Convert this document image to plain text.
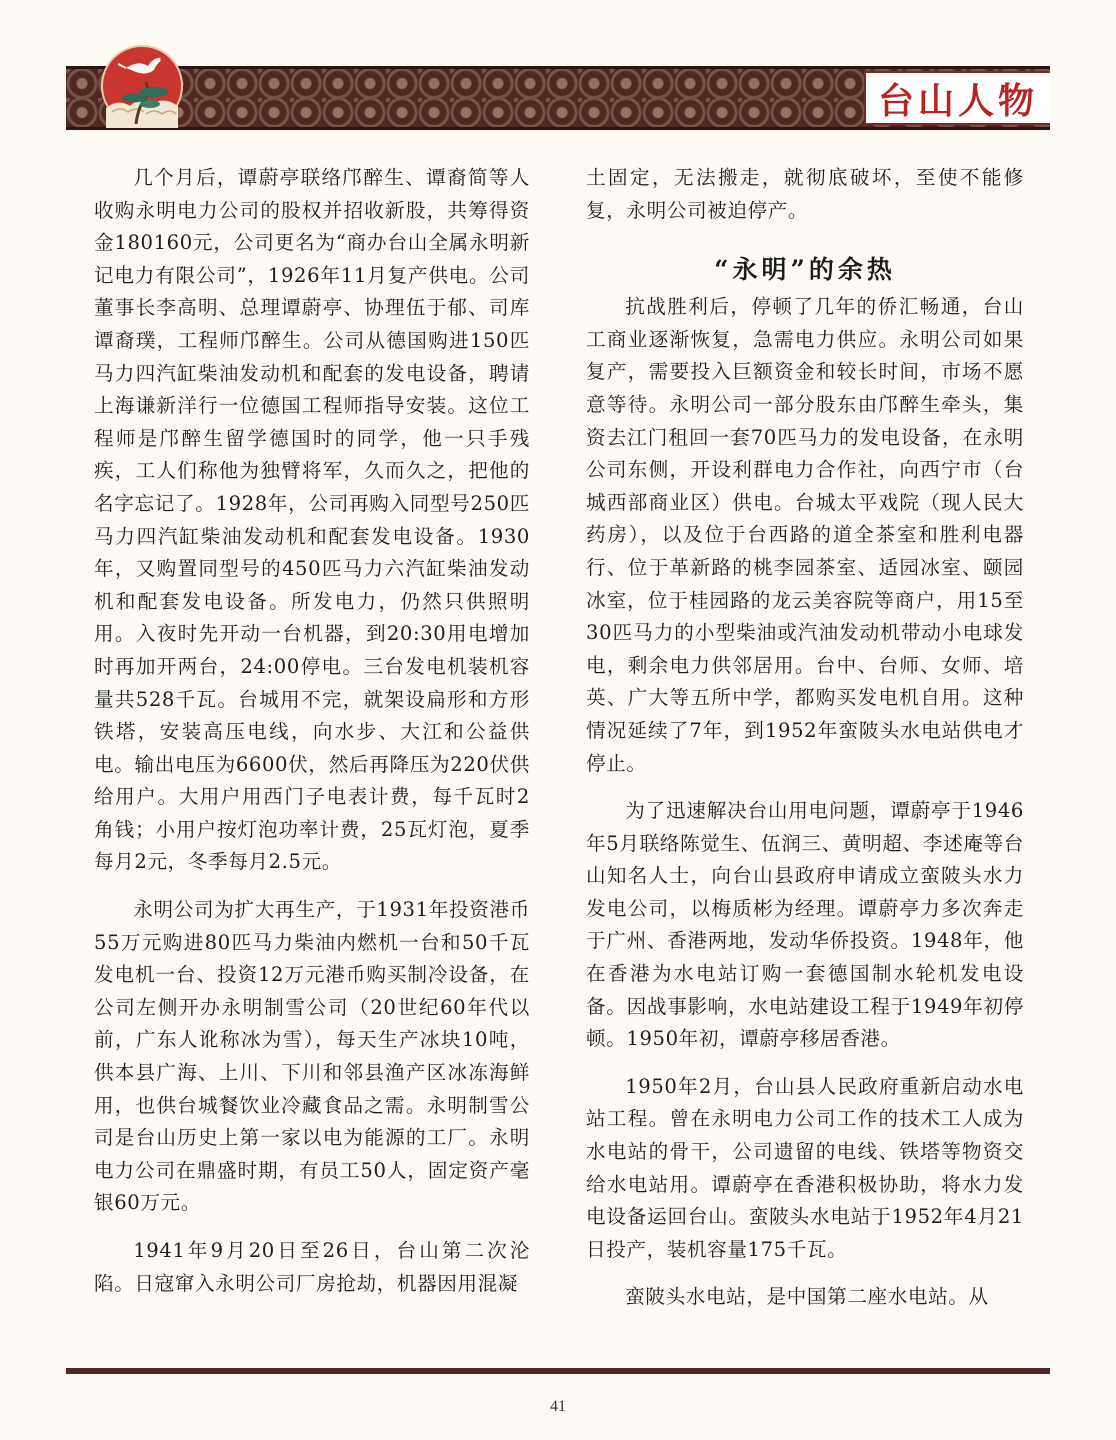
台山人物

几个月后，谭蔚亭联络邝醉生、谭裔简等人收购永明电力公司的股权并招收新股，共筹得资金180160元，公司更名为“商办台山全属永明新记电力有限公司”，1926年11月复产供电。公司董事长李高明、总理谭蔚亭、协理伍于郁、司库谭裔璞，工程师邝醉生。公司从德国购进150匹马力四汽缸柴油发动机和配套的发电设备，聘请上海谦新洋行一位德国工程师指导安装。这位工程师是邝醉生留学德国时的同学，他一只手残疾，工人们称他为独臂将军，久而久之，把他的名字忘记了。1928年，公司再购入同型号250匹马力四汽缸柴油发动机和配套发电设备。1930年，又购置同型号的450匹马力六汽缸柴油发动机和配套发电设备。所发电力，仍然只供照明用。入夜时先开动一台机器，到20:30用电增加时再加开两台，24:00停电。三台发电机装机容量共528千瓦。台城用不完，就架设扁形和方形铁塔，安装高压电线，向水步、大江和公益供电。输出电压为6600伏，然后再降压为220伏供给用户。大用户用西门子电表计费，每千瓦时2角钱；小用户按灯泡功率计费，25瓦灯泡，夏季每月2元，冬季每月2.5元。

永明公司为扩大再生产，于1931年投资港币55万元购进80匹马力柴油内燃机一台和50千瓦发电机一台、投资12万元港币购买制冷设备，在公司左侧开办永明制雪公司（20世纪60年代以前，广东人讹称冰为雪），每天生产冰块10吨，供本县广海、上川、下川和邻县渔产区冰冻海鲜用，也供台城餐饮业冷藏食品之需。永明制雪公司是台山历史上第一家以电为能源的工厂。永明电力公司在鼎盛时期，有员工50人，固定资产毫银60万元。

1941年9月20日至26日，台山第二次沦陷。日寇窜入永明公司厂房抢劫，机器因用混凝

土固定，无法搬走，就彻底破坏，至使不能修复，永明公司被迫停产。

“永明”的余热

抗战胜利后，停顿了几年的侨汇畅通，台山工商业逐渐恢复，急需电力供应。永明公司如果复产，需要投入巨额资金和较长时间，市场不愿意等待。永明公司一部分股东由邝醉生牵头，集资去江门租回一套70匹马力的发电设备，在永明公司东侧，开设利群电力合作社，向西宁市（台城西部商业区）供电。台城太平戏院（现人民大药房），以及位于台西路的道全茶室和胜利电器行、位于革新路的桃李园茶室、适园冰室、颐园冰室，位于桂园路的龙云美容院等商户，用15至30匹马力的小型柴油或汽油发动机带动小电球发电，剩余电力供邻居用。台中、台师、女师、培英、广大等五所中学，都购买发电机自用。这种情况延续了7年，到1952年蛮陂头水电站供电才停止。

为了迅速解决台山用电问题，谭蔚亭于1946年5月联络陈觉生、伍润三、黄明超、李述庵等台山知名人士，向台山县政府申请成立蛮陂头水力发电公司，以梅质彬为经理。谭蔚亭力多次奔走于广州、香港两地，发动华侨投资。1948年，他在香港为水电站订购一套德国制水轮机发电设备。因战事影响，水电站建设工程于1949年初停顿。1950年初，谭蔚亭移居香港。

1950年2月，台山县人民政府重新启动水电站工程。曾在永明电力公司工作的技术工人成为水电站的骨干，公司遗留的电线、铁塔等物资交给水电站用。谭蔚亭在香港积极协助，将水力发电设备运回台山。蛮陂头水电站于1952年4月21日投产，装机容量175千瓦。

蛮陂头水电站，是中国第二座水电站。从

41
